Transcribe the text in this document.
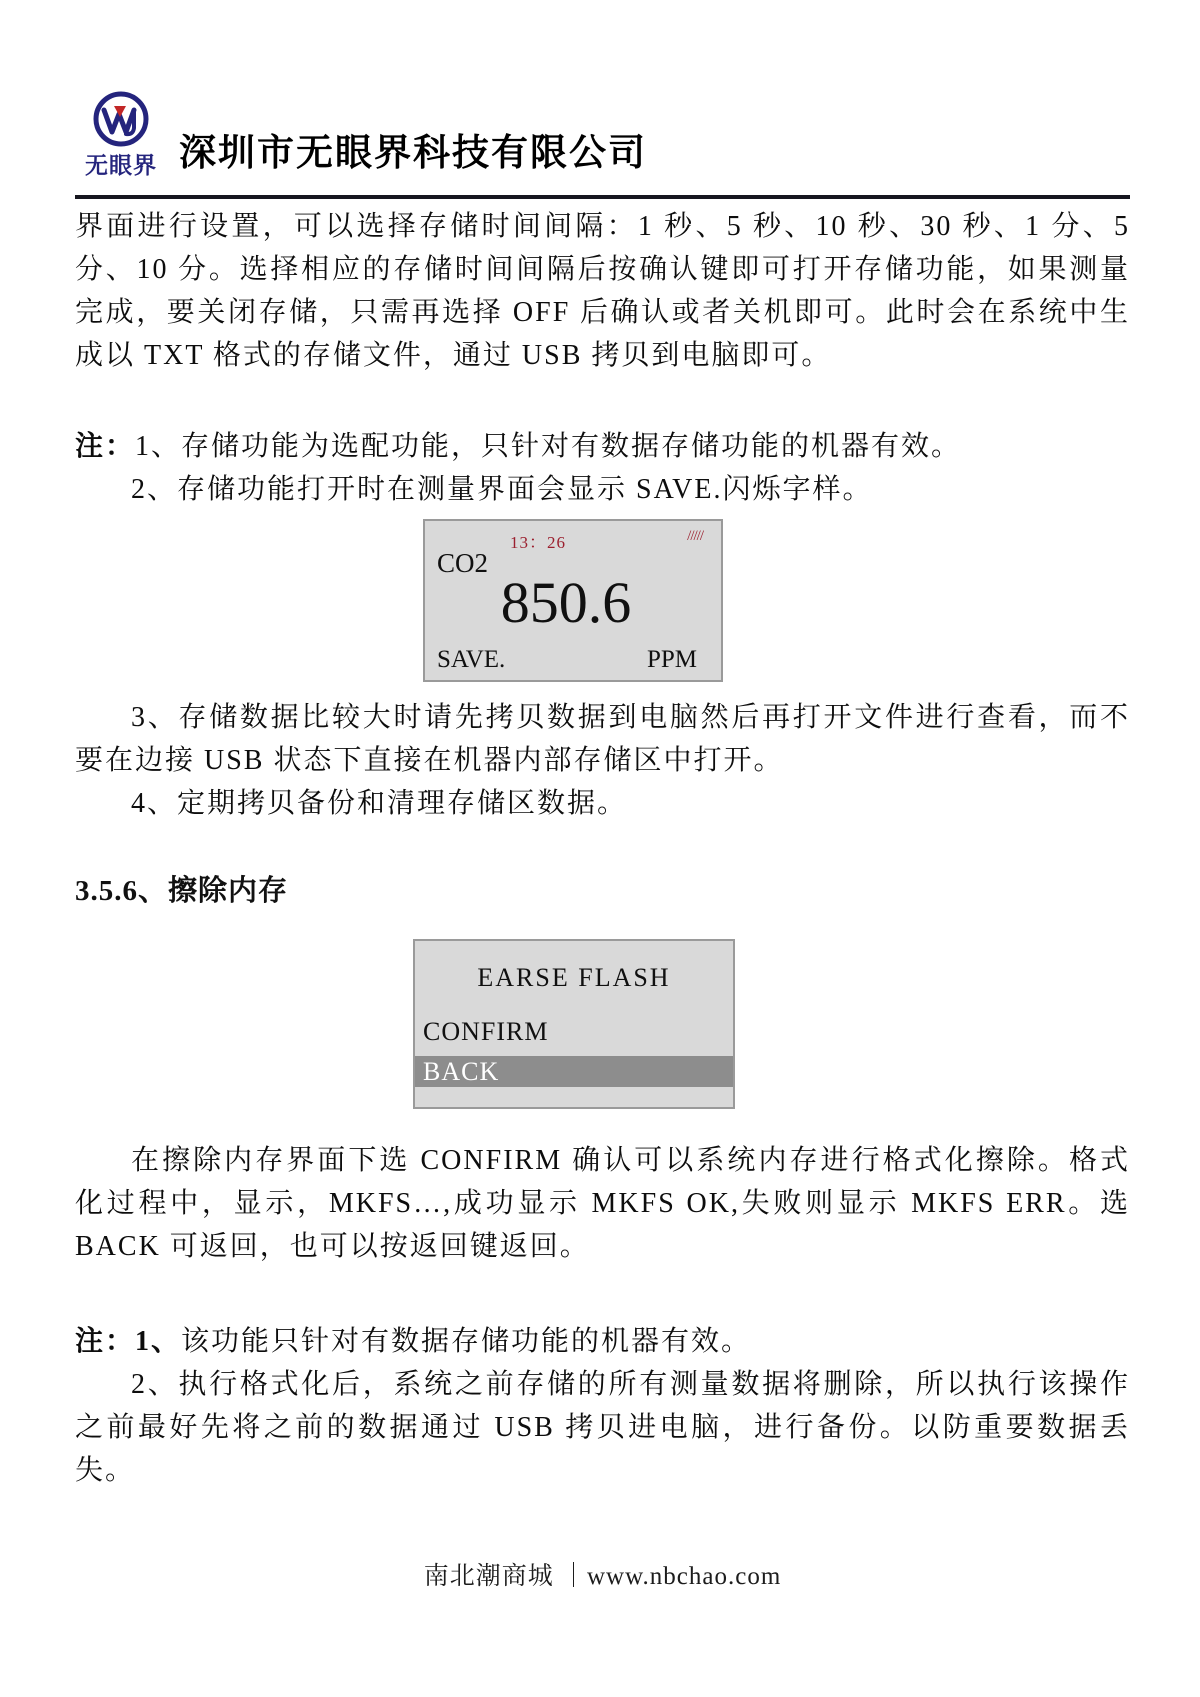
无眼界 深圳市无眼界科技有限公司

界面进行设置，可以选择存储时间间隔：1 秒、5 秒、10 秒、30 秒、1 分、5 分、10 分。选择相应的存储时间间隔后按确认键即可打开存储功能，如果测量完成，要关闭存储，只需再选择 OFF 后确认或者关机即可。此时会在系统中生成以 TXT 格式的存储文件，通过 USB 拷贝到电脑即可。

注：1、存储功能为选配功能，只针对有数据存储功能的机器有效。

2、存储功能打开时在测量界面会显示 SAVE.闪烁字样。

13：26	/////
CO2
850.6
SAVE.	PPM

3、存储数据比较大时请先拷贝数据到电脑然后再打开文件进行查看，而不要在边接 USB 状态下直接在机器内部存储区中打开。

4、定期拷贝备份和清理存储区数据。

3.5.6、擦除内存
EARSE FLASH
CONFIRM
BACK

在擦除内存界面下选 CONFIRM 确认可以系统内存进行格式化擦除。格式化过程中，显示，MKFS…,成功显示 MKFS OK,失败则显示 MKFS ERR。选 BACK 可返回，也可以按返回键返回。

注：1、该功能只针对有数据存储功能的机器有效。

2、执行格式化后，系统之前存储的所有测量数据将删除，所以执行该操作之前最好先将之前的数据通过 USB 拷贝进电脑，进行备份。以防重要数据丢失。

南北潮商城 ｜www.nbchao.com
